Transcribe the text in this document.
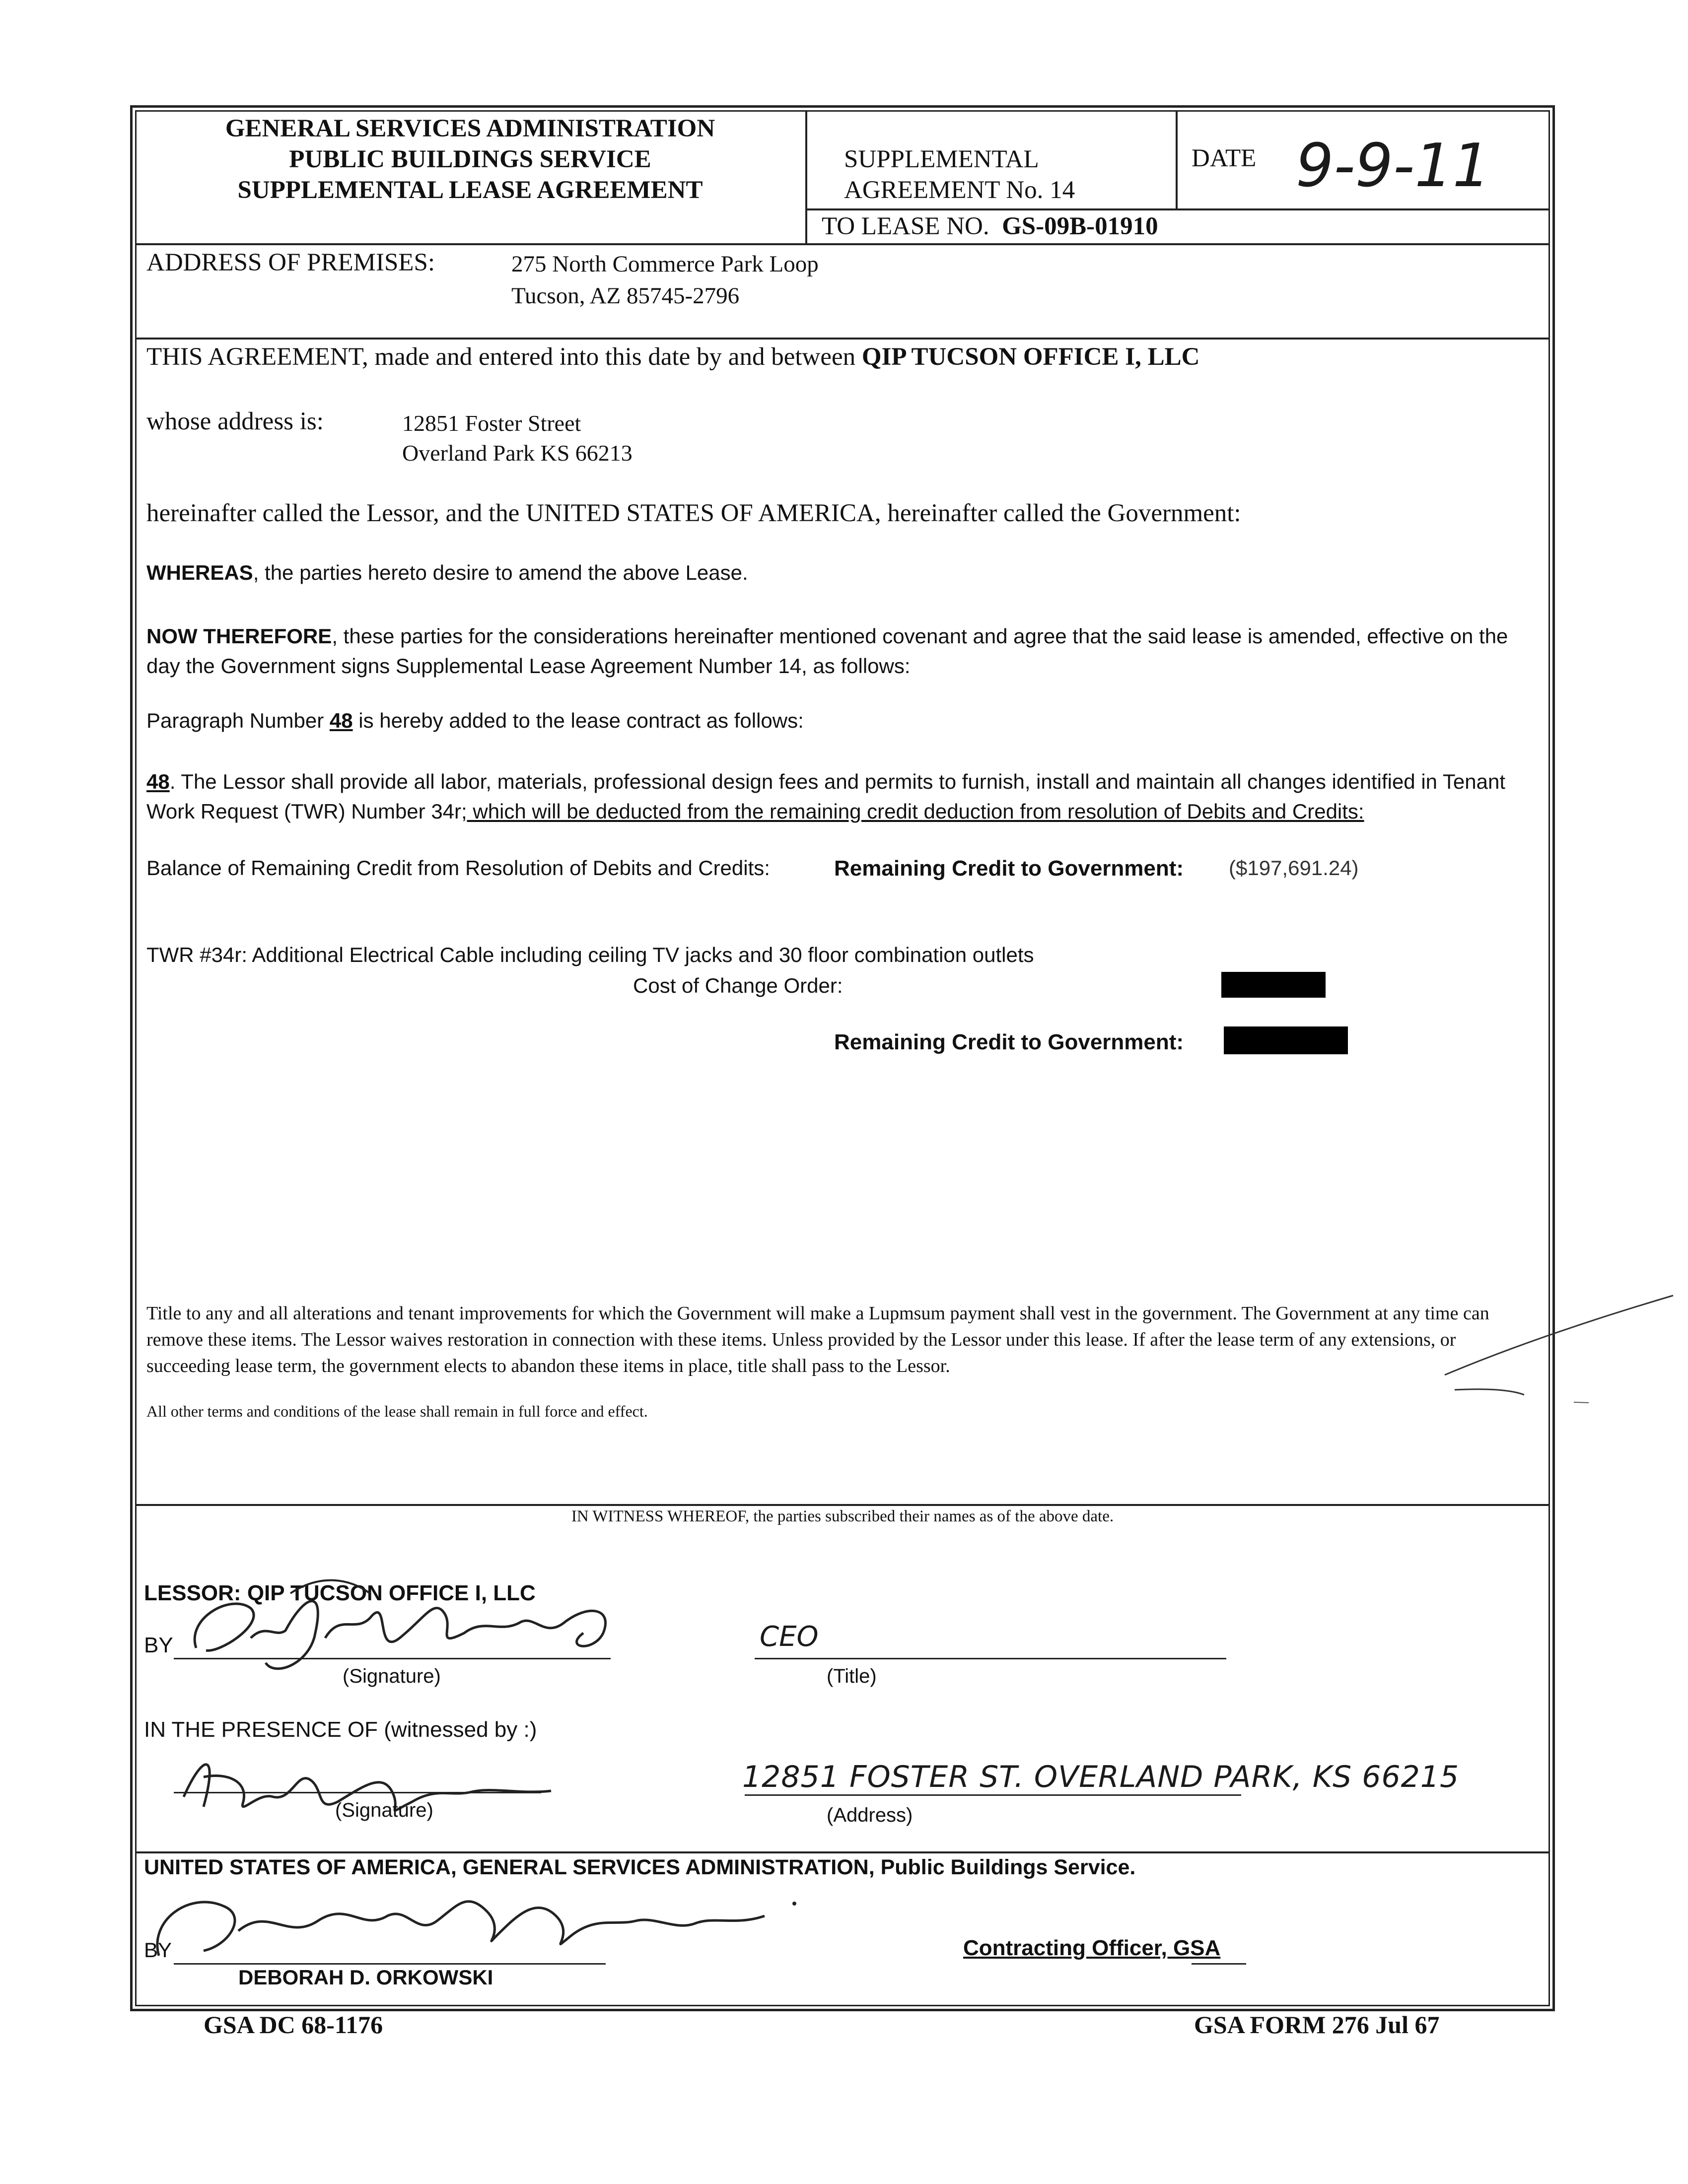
GENERAL SERVICES ADMINISTRATION
PUBLIC BUILDINGS SERVICE
SUPPLEMENTAL LEASE AGREEMENT
SUPPLEMENTAL
AGREEMENT No. 14
DATE 9-9-11
TO LEASE NO. GS-09B-01910
ADDRESS OF PREMISES:	275 North Commerce Park Loop
Tucson, AZ 85745-2796
THIS AGREEMENT, made and entered into this date by and between QIP TUCSON OFFICE I, LLC
whose address is:	12851 Foster Street
Overland Park KS 66213
hereinafter called the Lessor, and the UNITED STATES OF AMERICA, hereinafter called the Government:
WHEREAS, the parties hereto desire to amend the above Lease.
NOW THEREFORE, these parties for the considerations hereinafter mentioned covenant and agree that the said lease is amended, effective on the day the Government signs Supplemental Lease Agreement Number 14, as follows:
Paragraph Number 48 is hereby added to the lease contract as follows:
48. The Lessor shall provide all labor, materials, professional design fees and permits to furnish, install and maintain all changes identified in Tenant Work Request (TWR) Number 34r; which will be deducted from the remaining credit deduction from resolution of Debits and Credits:
Balance of Remaining Credit from Resolution of Debits and Credits:	Remaining Credit to Government: ($197,691.24)
TWR #34r: Additional Electrical Cable including ceiling TV jacks and 30 floor combination outlets
Cost of Change Order:
Remaining Credit to Government:
Title to any and all alterations and tenant improvements for which the Government will make a Lupmsum payment shall vest in the government. The Government at any time can remove these items. The Lessor waives restoration in connection with these items. Unless provided by the Lessor under this lease. If after the lease term of any extensions, or succeeding lease term, the government elects to abandon these items in place, title shall pass to the Lessor.
All other terms and conditions of the lease shall remain in full force and effect.
IN WITNESS WHEREOF, the parties subscribed their names as of the above date.
LESSOR: QIP TUCSON OFFICE I, LLC
BY
(Signature)
CEO
(Title)
IN THE PRESENCE OF (witnessed by :)
(Signature)
12851 FOSTER ST. OVERLAND PARK, KS 66215
(Address)
UNITED STATES OF AMERICA, GENERAL SERVICES ADMINISTRATION, Public Buildings Service.
BY
DEBORAH D. ORKOWSKI
Contracting Officer, GSA
GSA DC 68-1176	GSA FORM 276 Jul 67
